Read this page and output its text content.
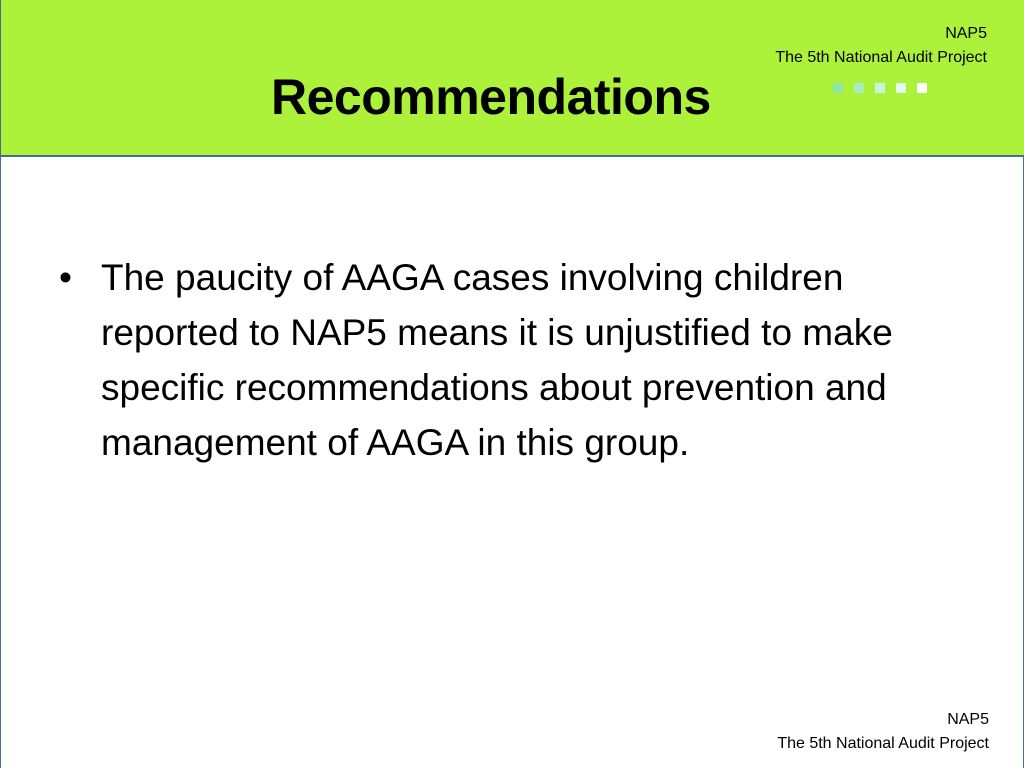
Recommendations
NAP5
The 5th National Audit Project
• The paucity of AAGA cases involving children reported to NAP5 means it is unjustified to make specific recommendations about prevention and management of AAGA in this group.
NAP5
The 5th National Audit Project
